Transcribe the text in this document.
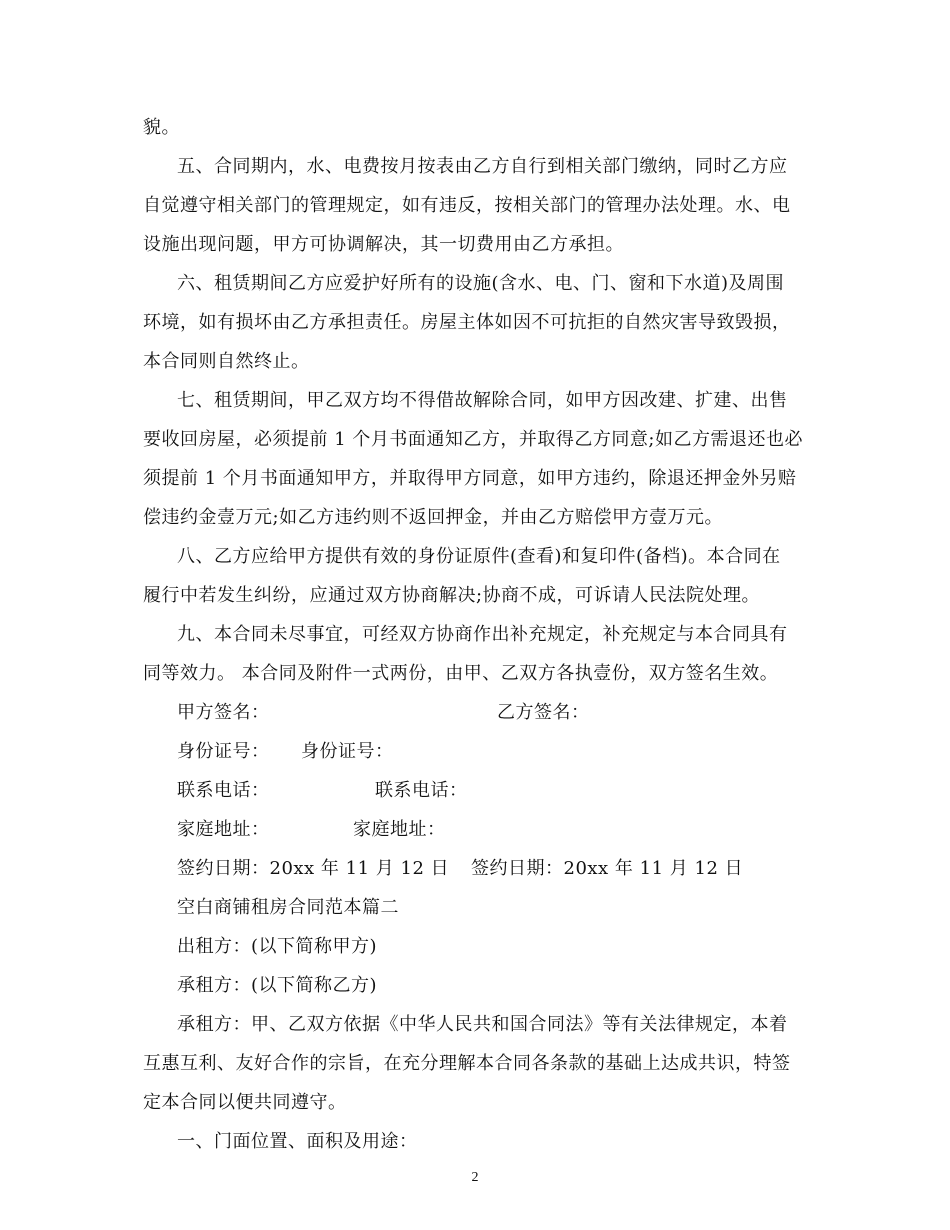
貌。
五、合同期内，水、电费按月按表由乙方自行到相关部门缴纳，同时乙方应
自觉遵守相关部门的管理规定，如有违反，按相关部门的管理办法处理。水、电
设施出现问题，甲方可协调解决，其一切费用由乙方承担。
六、租赁期间乙方应爱护好所有的设施(含水、电、门、窗和下水道)及周围
环境，如有损坏由乙方承担责任。房屋主体如因不可抗拒的自然灾害导致毁损，
本合同则自然终止。
七、租赁期间，甲乙双方均不得借故解除合同，如甲方因改建、扩建、出售
要收回房屋，必须提前 1 个月书面通知乙方，并取得乙方同意;如乙方需退还也必
须提前 1 个月书面通知甲方，并取得甲方同意，如甲方违约，除退还押金外另赔
偿违约金壹万元;如乙方违约则不返回押金，并由乙方赔偿甲方壹万元。
八、乙方应给甲方提供有效的身份证原件(查看)和复印件(备档)。本合同在
履行中若发生纠纷，应通过双方协商解决;协商不成，可诉请人民法院处理。
九、本合同未尽事宜，可经双方协商作出补充规定，补充规定与本合同具有
同等效力。 本合同及附件一式两份，由甲、乙双方各执壹份，双方签名生效。
甲方签名：	乙方签名：
身份证号： 身份证号：
联系电话：	联系电话：
家庭地址：	家庭地址：
签约日期：20xx 年 11 月 12 日 签约日期：20xx 年 11 月 12 日
空白商铺租房合同范本篇二
出租方：(以下简称甲方)
承租方：(以下简称乙方)
承租方：甲、乙双方依据《中华人民共和国合同法》等有关法律规定，本着
互惠互利、友好合作的宗旨，在充分理解本合同各条款的基础上达成共识，特签
定本合同以便共同遵守。
一、门面位置、面积及用途：
2
